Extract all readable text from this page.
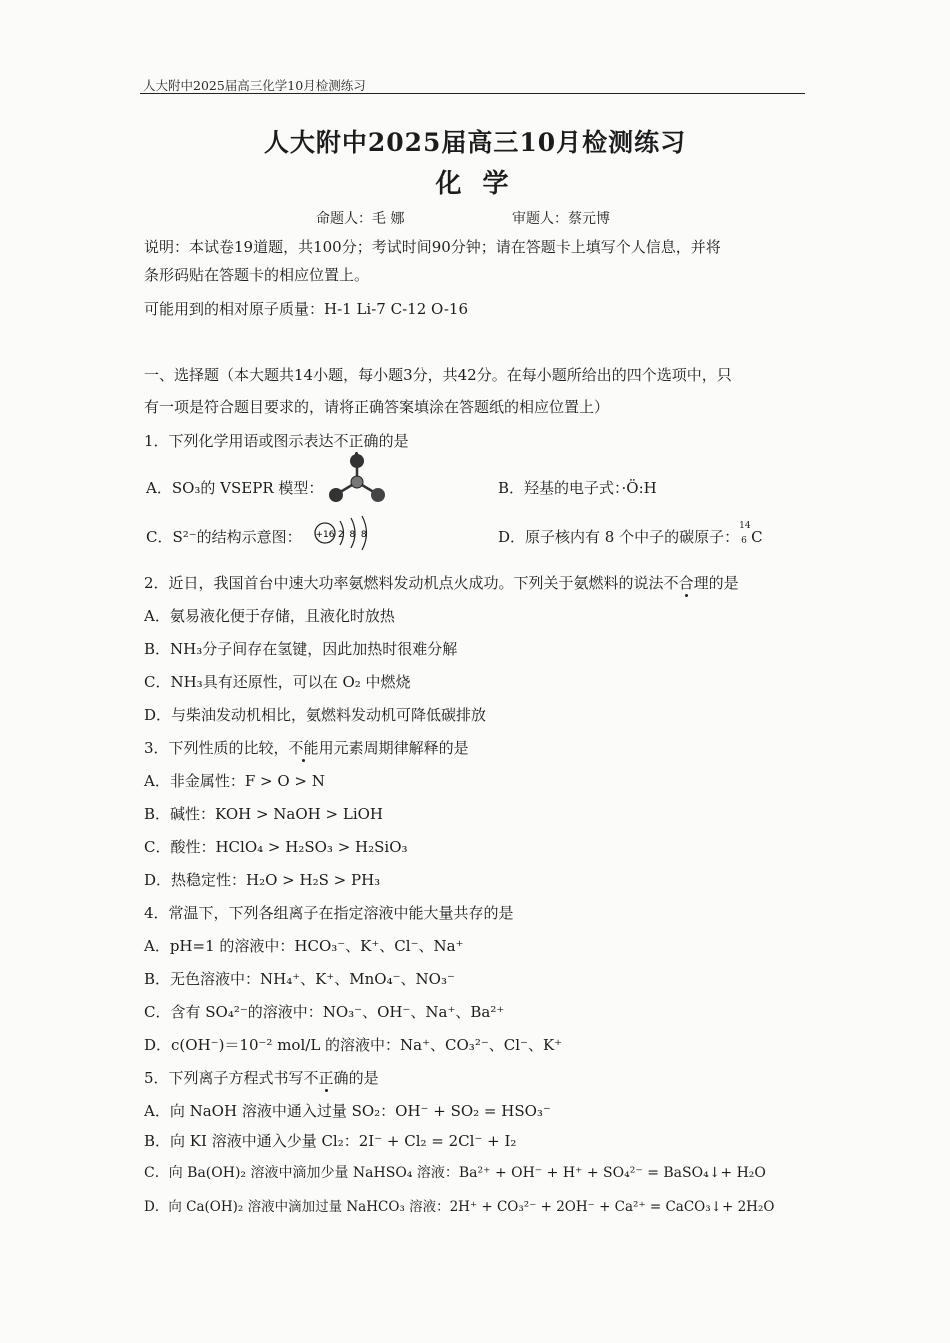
人大附中2025届高三化学10月检测练习
人大附中2025届高三10月检测练习
化 学
命题人：毛 娜	审题人：蔡元博
说明：本试卷19道题，共100分；考试时间90分钟；请在答题卡上填写个人信息，并将
条形码贴在答题卡的相应位置上。
可能用到的相对原子质量：H-1 Li-7 C-12 O-16
一、选择题（本大题共14小题，每小题3分，共42分。在每小题所给出的四个选项中，只
有一项是符合题目要求的，请将正确答案填涂在答题纸的相应位置上）
1．下列化学用语或图示表达不正确的是
A．SO₃的 VSEPR 模型：	B．羟基的电子式：·Ö:H
C．S²⁻的结构示意图： +16 2  8  8	D．原子核内有 8 个中子的碳原子：
14
6 C
2．近日，我国首台中速大功率氨燃料发动机点火成功。下列关于氨燃料的说法不合理的是
A．氨易液化便于存储，且液化时放热
B．NH₃分子间存在氢键，因此加热时很难分解
C．NH₃具有还原性，可以在 O₂ 中燃烧
D．与柴油发动机相比，氨燃料发动机可降低碳排放
3．下列性质的比较，不能用元素周期律解释的是
A．非金属性：F > O > N
B．碱性：KOH > NaOH > LiOH
C．酸性：HClO₄ > H₂SO₃ > H₂SiO₃
D．热稳定性：H₂O > H₂S > PH₃
4．常温下，下列各组离子在指定溶液中能大量共存的是
A．pH=1 的溶液中：HCO₃⁻、K⁺、Cl⁻、Na⁺
B．无色溶液中：NH₄⁺、K⁺、MnO₄⁻、NO₃⁻
C．含有 SO₄²⁻的溶液中：NO₃⁻、OH⁻、Na⁺、Ba²⁺
D．c(OH⁻)＝10⁻² mol/L 的溶液中：Na⁺、CO₃²⁻、Cl⁻、K⁺
5．下列离子方程式书写不正确的是
A．向 NaOH 溶液中通入过量 SO₂：OH⁻ + SO₂ = HSO₃⁻
B．向 KI 溶液中通入少量 Cl₂：2I⁻ + Cl₂ = 2Cl⁻ + I₂
C．向 Ba(OH)₂ 溶液中滴加少量 NaHSO₄ 溶液：Ba²⁺ + OH⁻ + H⁺ + SO₄²⁻ = BaSO₄↓+ H₂O
D．向 Ca(OH)₂ 溶液中滴加过量 NaHCO₃ 溶液：2H⁺ + CO₃²⁻ + 2OH⁻ + Ca²⁺ = CaCO₃↓+ 2H₂O
